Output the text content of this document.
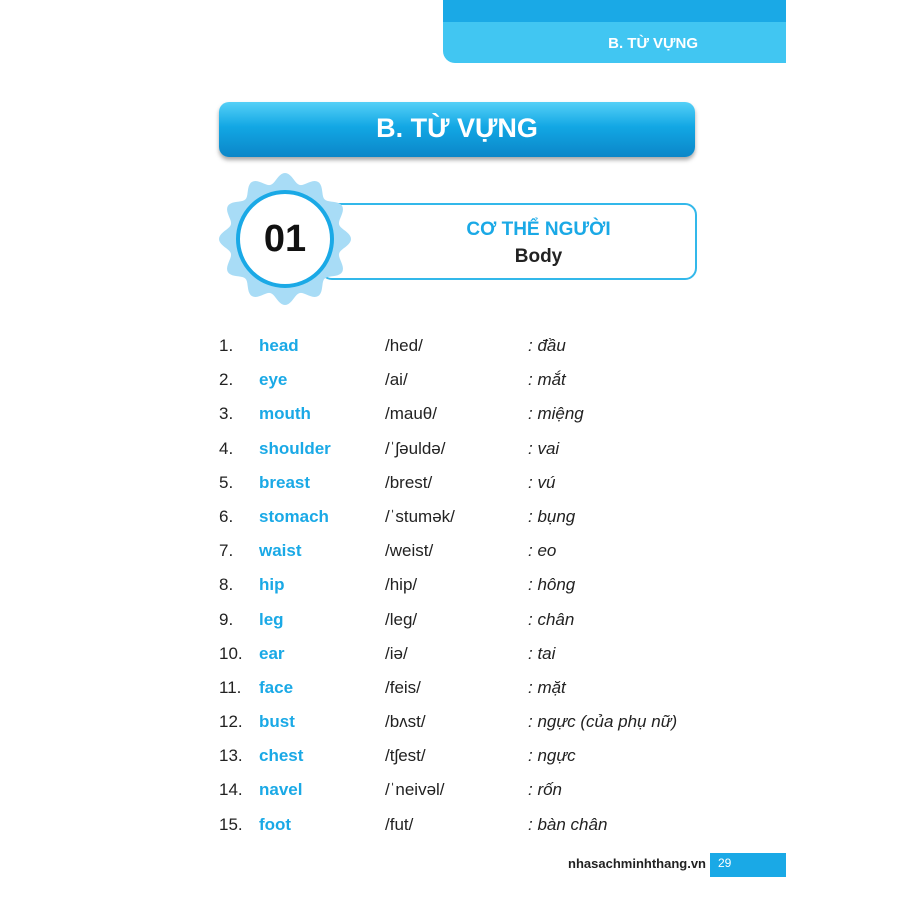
B. TỪ VỰNG
B. TỪ VỰNG
CƠ THỂ NGƯỜI
Body
01
1. head	/hed/	: đầu
2. eye	/ai/	: mắt
3. mouth	/mauθ/	: miệng
4. shoulder	/ˈʃəuldə/	: vai
5. breast	/brest/	: vú
6. stomach	/ˈstumək/	: bụng
7. waist	/weist/	: eo
8. hip	/hip/	: hông
9. leg	/leg/	: chân
10. ear	/iə/	: tai
11. face	/feis/	: mặt
12. bust	/bʌst/	: ngực (của phụ nữ)
13. chest	/tʃest/	: ngực
14. navel	/ˈneivəl/	: rốn
15. foot	/fut/	: bàn chân
nhasachminhthang.vn 29
